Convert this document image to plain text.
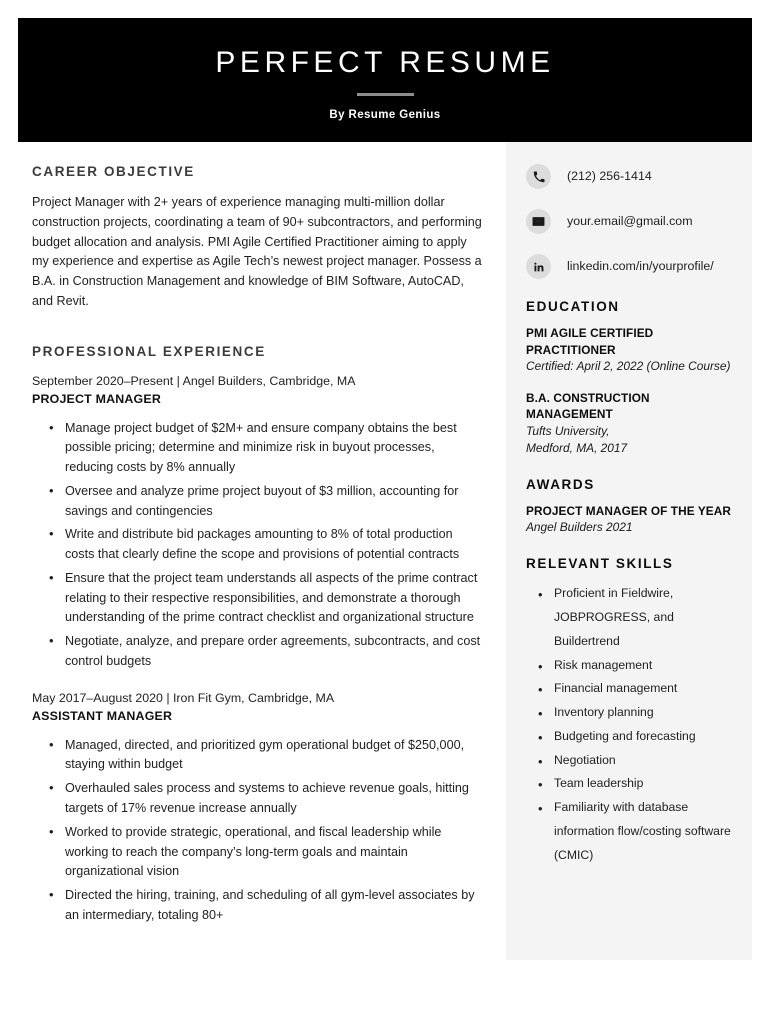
PERFECT RESUME
By Resume Genius
CAREER OBJECTIVE

Project Manager with 2+ years of experience managing multi-million dollar construction projects, coordinating a team of 90+ subcontractors, and performing budget allocation and analysis. PMI Agile Certified Practitioner aiming to apply my experience and expertise as Agile Tech’s newest project manager. Possess a B.A. in Construction Management and knowledge of BIM Software, AutoCAD, and Revit.

PROFESSIONAL EXPERIENCE

September 2020–Present | Angel Builders, Cambridge, MA

PROJECT MANAGER

• Manage project budget of $2M+ and ensure company obtains the best possible pricing; determine and minimize risk in buyout processes, reducing costs by 8% annually
• Oversee and analyze prime project buyout of $3 million, accounting for savings and contingencies
• Write and distribute bid packages amounting to 8% of total production costs that clearly define the scope and provisions of potential contracts
• Ensure that the project team understands all aspects of the prime contract relating to their respective responsibilities, and demonstrate a thorough understanding of the prime contract checklist and organizational structure
• Negotiate, analyze, and prepare order agreements, subcontracts, and cost control budgets

May 2017–August 2020 | Iron Fit Gym, Cambridge, MA

ASSISTANT MANAGER

• Managed, directed, and prioritized gym operational budget of $250,000, staying within budget
• Overhauled sales process and systems to achieve revenue goals, hitting targets of 17% revenue increase annually
• Worked to provide strategic, operational, and fiscal leadership while working to reach the company’s long-term goals and maintain organizational vision
• Directed the hiring, training, and scheduling of all gym-level associates by an intermediary, totaling 80+
(212) 256-1414
your.email@gmail.com
linkedin.com/in/yourprofile/
EDUCATION

PMI AGILE CERTIFIED PRACTITIONER

Certified: April 2, 2022 (Online Course)

B.A. CONSTRUCTION MANAGEMENT

Tufts University,

Medford, MA, 2017

AWARDS

PROJECT MANAGER OF THE YEAR

Angel Builders 2021

RELEVANT SKILLS
• Proficient in Fieldwire, JOBPROGRESS, and Buildertrend
• Risk management
• Financial management
• Inventory planning
• Budgeting and forecasting
• Negotiation
• Team leadership
• Familiarity with database information flow/costing software (CMIC)
